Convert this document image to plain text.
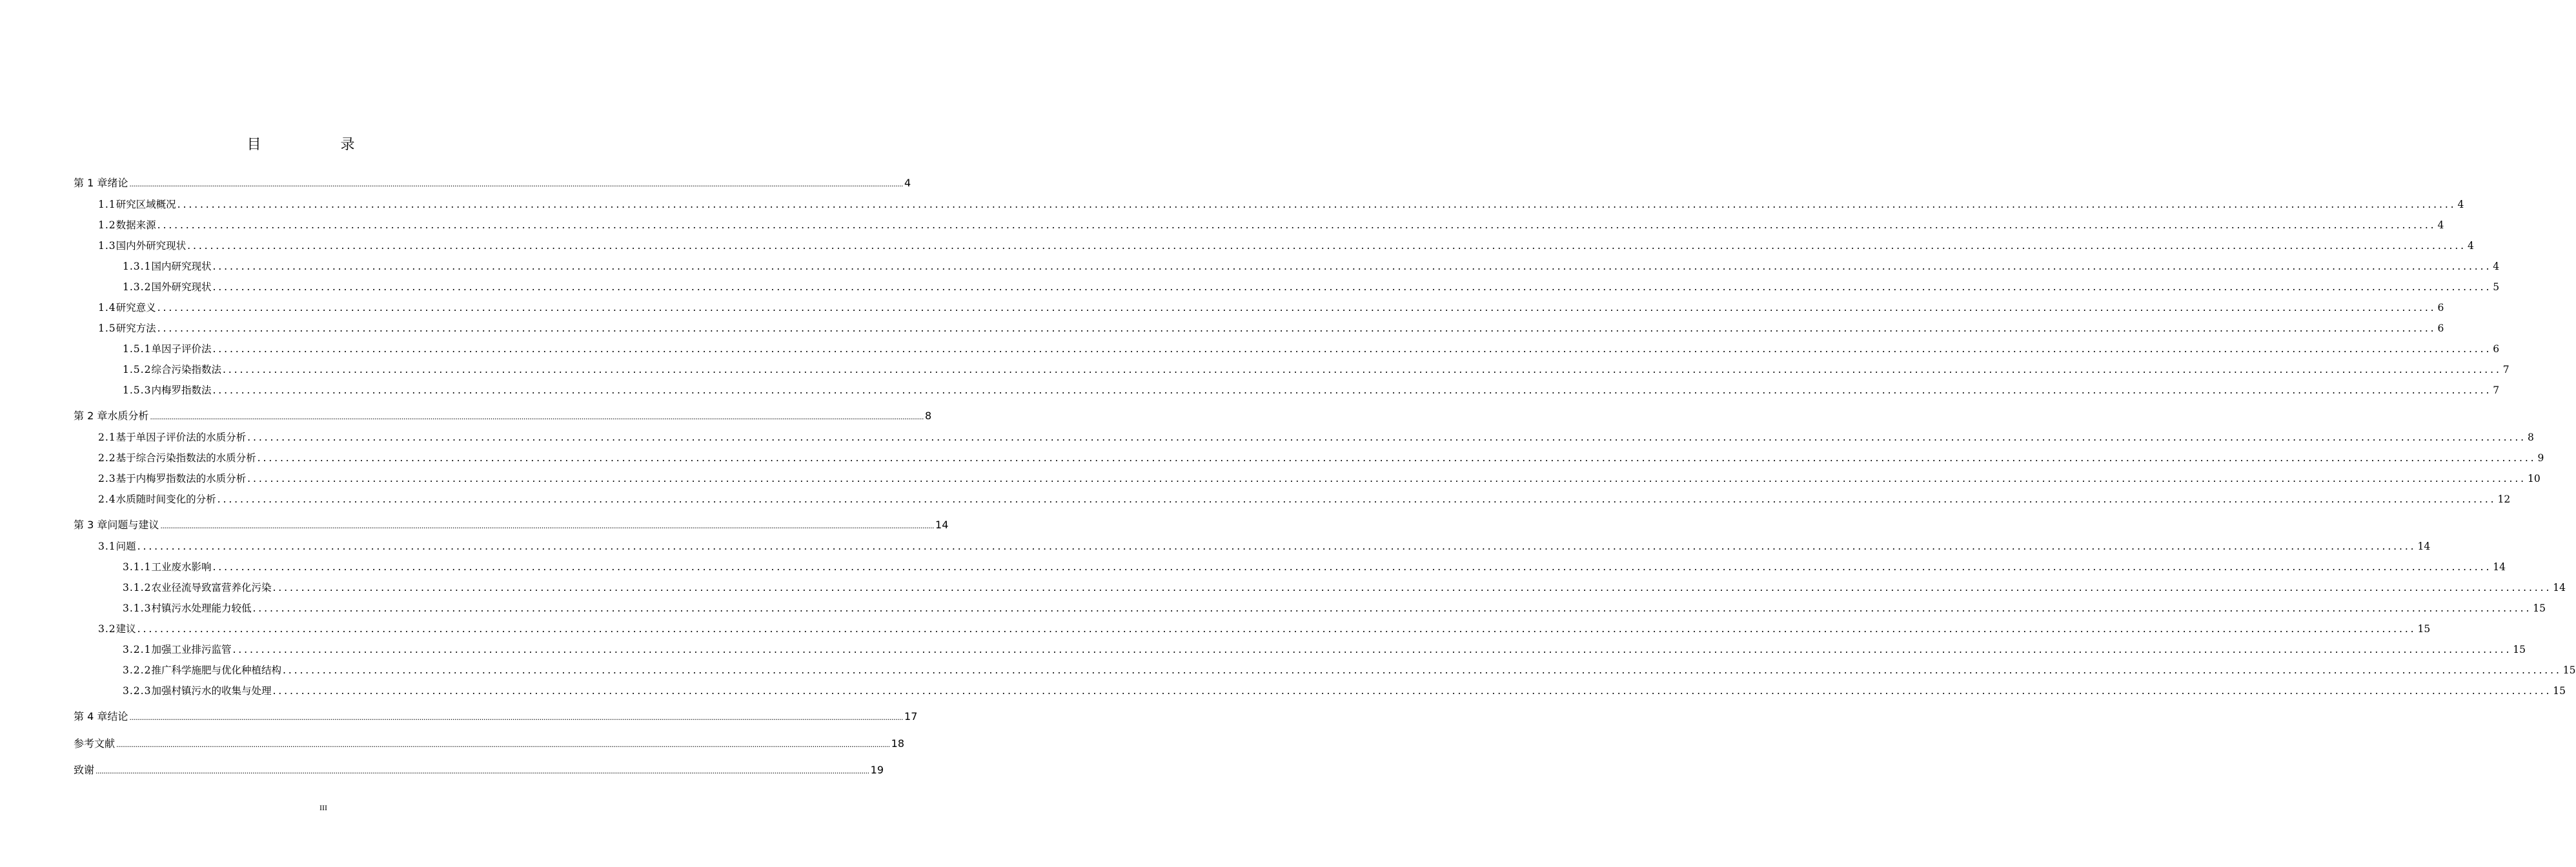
目 录
第 1 章 绪论 ................................................................................................................................................................................................................................................................................................................................................................................................................ 4
1.1 研究区域概况 ................................................................................................................................................................................................................................................................................................................................................................................................................ 4
1.2 数据来源 ................................................................................................................................................................................................................................................................................................................................................................................................................ 4
1.3 国内外研究现状 ................................................................................................................................................................................................................................................................................................................................................................................................................ 4
1.3.1 国内研究现状 ................................................................................................................................................................................................................................................................................................................................................................................................................ 4
1.3.2 国外研究现状 ................................................................................................................................................................................................................................................................................................................................................................................................................ 5
1.4 研究意义 ................................................................................................................................................................................................................................................................................................................................................................................................................ 6
1.5 研究方法 ................................................................................................................................................................................................................................................................................................................................................................................................................ 6
1.5.1 单因子评价法 ................................................................................................................................................................................................................................................................................................................................................................................................................ 6
1.5.2 综合污染指数法 ................................................................................................................................................................................................................................................................................................................................................................................................................ 7
1.5.3 内梅罗指数法 ................................................................................................................................................................................................................................................................................................................................................................................................................ 7
第 2 章 水质分析 ................................................................................................................................................................................................................................................................................................................................................................................................................ 8
2.1 基于单因子评价法的水质分析 ................................................................................................................................................................................................................................................................................................................................................................................................................ 8
2.2 基于综合污染指数法的水质分析 ................................................................................................................................................................................................................................................................................................................................................................................................................ 9
2.3 基于内梅罗指数法的水质分析 ................................................................................................................................................................................................................................................................................................................................................................................................................ 10
2.4 水质随时间变化的分析 ................................................................................................................................................................................................................................................................................................................................................................................................................ 12
第 3 章 问题与建议 ................................................................................................................................................................................................................................................................................................................................................................................................................ 14
3.1 问题 ................................................................................................................................................................................................................................................................................................................................................................................................................ 14
3.1.1 工业废水影响 ................................................................................................................................................................................................................................................................................................................................................................................................................ 14
3.1.2 农业径流导致富营养化污染 ................................................................................................................................................................................................................................................................................................................................................................................................................ 14
3.1.3 村镇污水处理能力较低 ................................................................................................................................................................................................................................................................................................................................................................................................................ 15
3.2 建议 ................................................................................................................................................................................................................................................................................................................................................................................................................ 15
3.2.1 加强工业排污监管 ................................................................................................................................................................................................................................................................................................................................................................................................................ 15
3.2.2 推广科学施肥与优化种植结构 ................................................................................................................................................................................................................................................................................................................................................................................................................ 15
3.2.3 加强村镇污水的收集与处理 ................................................................................................................................................................................................................................................................................................................................................................................................................ 15
第 4 章 结论 ................................................................................................................................................................................................................................................................................................................................................................................................................ 17
参考文献 ................................................................................................................................................................................................................................................................................................................................................................................................................ 18
致谢 ................................................................................................................................................................................................................................................................................................................................................................................................................ 19
III
